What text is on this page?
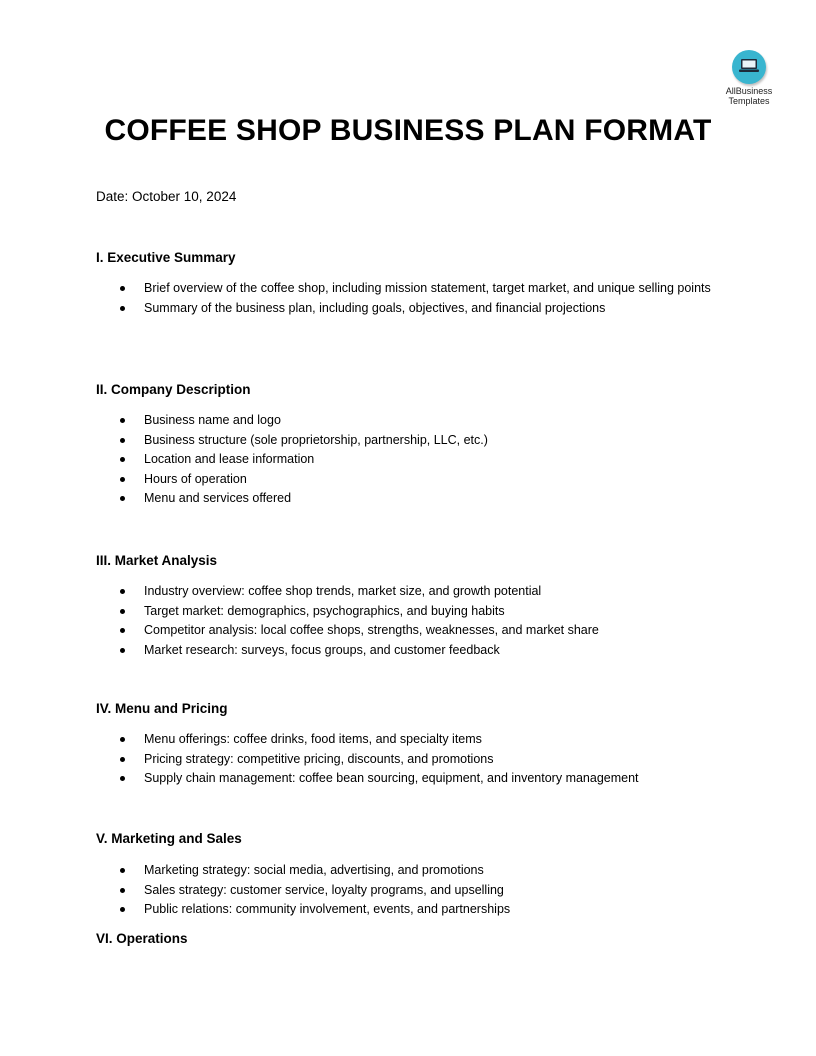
AllBusiness
Templates
COFFEE SHOP BUSINESS PLAN FORMAT

Date: October 10, 2024

I. Executive Summary
Brief overview of the coffee shop, including mission statement, target market, and unique selling points
Summary of the business plan, including goals, objectives, and financial projections
II. Company Description
Business name and logo
Business structure (sole proprietorship, partnership, LLC, etc.)
Location and lease information
Hours of operation
Menu and services offered
III. Market Analysis
Industry overview: coffee shop trends, market size, and growth potential
Target market: demographics, psychographics, and buying habits
Competitor analysis: local coffee shops, strengths, weaknesses, and market share
Market research: surveys, focus groups, and customer feedback
IV. Menu and Pricing
Menu offerings: coffee drinks, food items, and specialty items
Pricing strategy: competitive pricing, discounts, and promotions
Supply chain management: coffee bean sourcing, equipment, and inventory management
V. Marketing and Sales
Marketing strategy: social media, advertising, and promotions
Sales strategy: customer service, loyalty programs, and upselling
Public relations: community involvement, events, and partnerships
VI. Operations
